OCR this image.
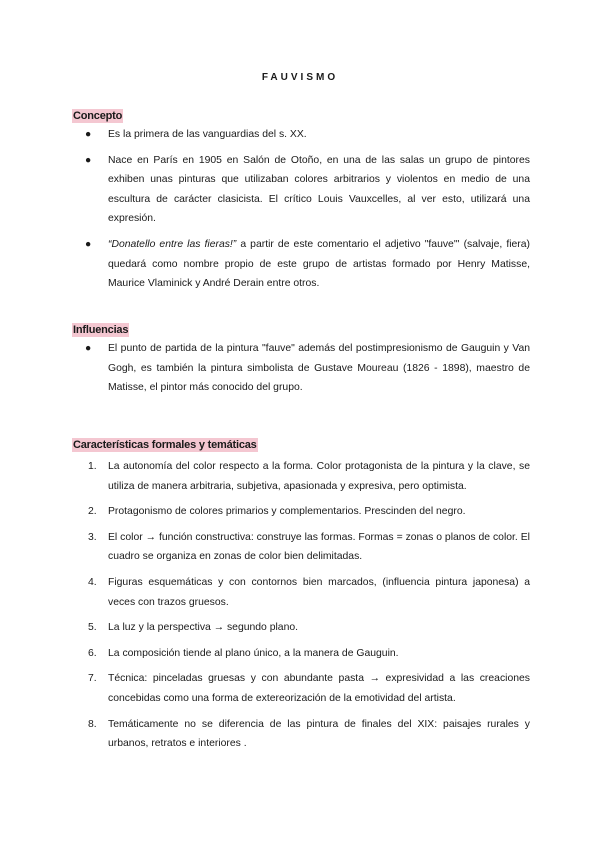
FAUVISMO
Concepto
● Es la primera de las vanguardias del s. XX.
● Nace en París en 1905 en Salón de Otoño, en una de las salas un grupo de pintores exhiben unas pinturas que utilizaban colores arbitrarios y violentos en medio de una escultura de carácter clasicista. El crítico Louis Vauxcelles, al ver esto, utilizará una expresión.
● “Donatello entre las fieras!” a partir de este comentario el adjetivo "fauve"' (salvaje, fiera) quedará como nombre propio de este grupo de artistas formado por Henry Matisse, Maurice Vlaminick y André Derain entre otros.
Influencias
● El punto de partida de la pintura "fauve" además del postimpresionismo de Gauguin y Van Gogh, es también la pintura simbolista de Gustave Moureau (1826 - 1898), maestro de Matisse, el pintor más conocido del grupo.
Características formales y temáticas
1. La autonomía del color respecto a la forma. Color protagonista de la pintura y la clave, se utiliza de manera arbitraria, subjetiva, apasionada y expresiva, pero optimista.
2. Protagonismo de colores primarios y complementarios. Prescinden del negro.
3. El color → función constructiva: construye las formas. Formas = zonas o planos de color. El cuadro se organiza en zonas de color bien delimitadas.
4. Figuras esquemáticas y con contornos bien marcados, (influencia pintura japonesa) a veces con trazos gruesos.
5. La luz y la perspectiva → segundo plano.
6. La composición tiende al plano único, a la manera de Gauguin.
7. Técnica: pinceladas gruesas y con abundante pasta → expresividad a las creaciones concebidas como una forma de extereorización de la emotividad del artista.
8. Temáticamente no se diferencia de las pintura de finales del XIX: paisajes rurales y urbanos, retratos e interiores .
